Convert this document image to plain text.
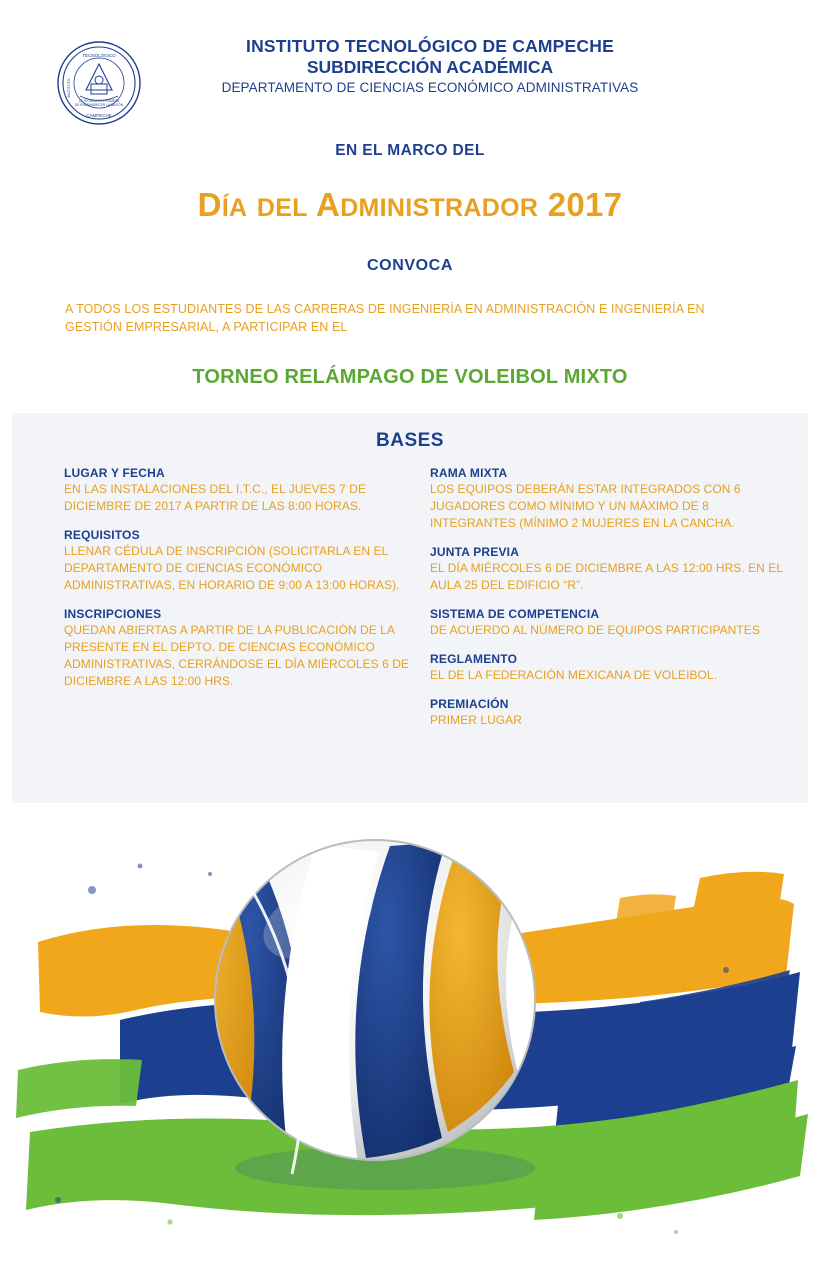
TECNOLÓGICO
LA TÉCNICA ES PROMESA
DE ENGRANDECER LA NACIÓN
CAMPECHE
INSTITUTO
INSTITUTO TECNOLÓGICO DE CAMPECHE
SUBDIRECCIÓN ACADÉMICA
DEPARTAMENTO DE CIENCIAS ECONÓMICO ADMINISTRATIVAS
EN EL MARCO DEL
DÍA DEL ADMINISTRADOR 2017
CONVOCA
A TODOS LOS ESTUDIANTES DE LAS CARRERAS DE INGENIERÍA EN ADMINISTRACIÓN E INGENIERÍA EN GESTIÓN EMPRESARIAL, A PARTICIPAR EN EL
TORNEO RELÁMPAGO DE VOLEIBOL MIXTO
BASES
LUGAR Y FECHA

EN LAS INSTALACIONES DEL I.T.C., EL JUEVES 7 DE DICIEMBRE DE 2017 A PARTIR DE LAS 8:00 HORAS.

REQUISITOS

LLENAR CÉDULA DE INSCRIPCIÓN (SOLICITARLA EN EL DEPARTAMENTO DE CIENCIAS ECONÓMICO ADMINISTRATIVAS, EN HORARIO DE 9:00 A 13:00 HORAS).

INSCRIPCIONES

QUEDAN ABIERTAS A PARTIR DE LA PUBLICACIÓN DE LA PRESENTE EN EL DEPTO. DE CIENCIAS ECONÓMICO ADMINISTRATIVAS, CERRÁNDOSE EL DÍA MIÉRCOLES 6 DE DICIEMBRE A LAS 12:00 HRS.

RAMA MIXTA

LOS EQUIPOS DEBERÁN ESTAR INTEGRADOS CON 6 JUGADORES COMO MÍNIMO Y UN MÁXIMO DE 8 INTEGRANTES (MÍNIMO 2 MUJERES EN LA CANCHA.

JUNTA PREVIA

EL DÍA MIÉRCOLES 6 DE DICIEMBRE A LAS 12:00 HRS. EN EL AULA 25 DEL EDIFICIO “R”.

SISTEMA DE COMPETENCIA

DE ACUERDO AL NÚMERO DE EQUIPOS PARTICIPANTES

REGLAMENTO

EL DE LA FEDERACIÓN MEXICANA DE VOLEIBOL.

PREMIACIÓN

PRIMER LUGAR
